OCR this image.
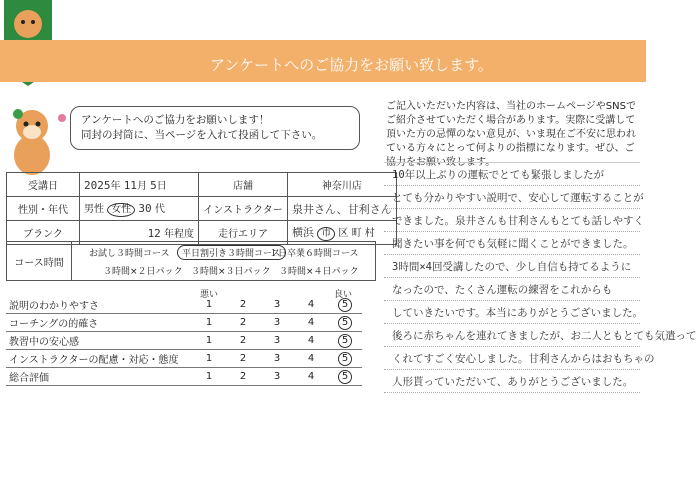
アンケートへのご協力をお願い致します。
アンケートへのご協力をお願いします！
同封の封筒に、当ページを入れて投函して下さい。
受講日	2025年 11月 5日	店舗	神奈川店
性別・年代	男性 女性 30 代	インストラクター	泉井さん、甘利さん
ブランク	12 年程度	走行エリア	横浜 市 区 町 村
コース時間
お試し３時間コース	平日割引き３時間コース
１日卒業６時間コース
３時間×２日パック ３時間×３日パック ３時間×４日パック
悪い	良い
説明のわかりやすさ	1	2	3	4	5
コーチングの的確さ	1	2	3	4	5
教習中の安心感	1	2	3	4	5
インストラクターの配慮・対応・態度	1	2	3	4	5
総合評価	1	2	3	4	5
ご記入いただいた内容は、当社のホームページやSNSでご紹介させていただく場合があります。実際に受講して頂いた方の忌憚のない意見が、いま現在ご不安に思われている方々にとって何よりの指標になります。ぜひ、ご協力をお願い致します。
10年以上ぶりの運転でとても緊張しましたが
とても分かりやすい説明で、安心して運転することが
できました。泉井さんも甘利さんもとても話しやすく
聞きたい事を何でも気軽に聞くことができました。
3時間×4回受講したので、少し自信も持てるように
なったので、たくさん運転の練習をこれからも
していきたいです。本当にありがとうございました。
後ろに赤ちゃんを連れてきましたが、お二人ともとても気遣って
くれてすごく安心しました。甘利さんからはおもちゃの
人形貰っていただいて、ありがとうございました。
